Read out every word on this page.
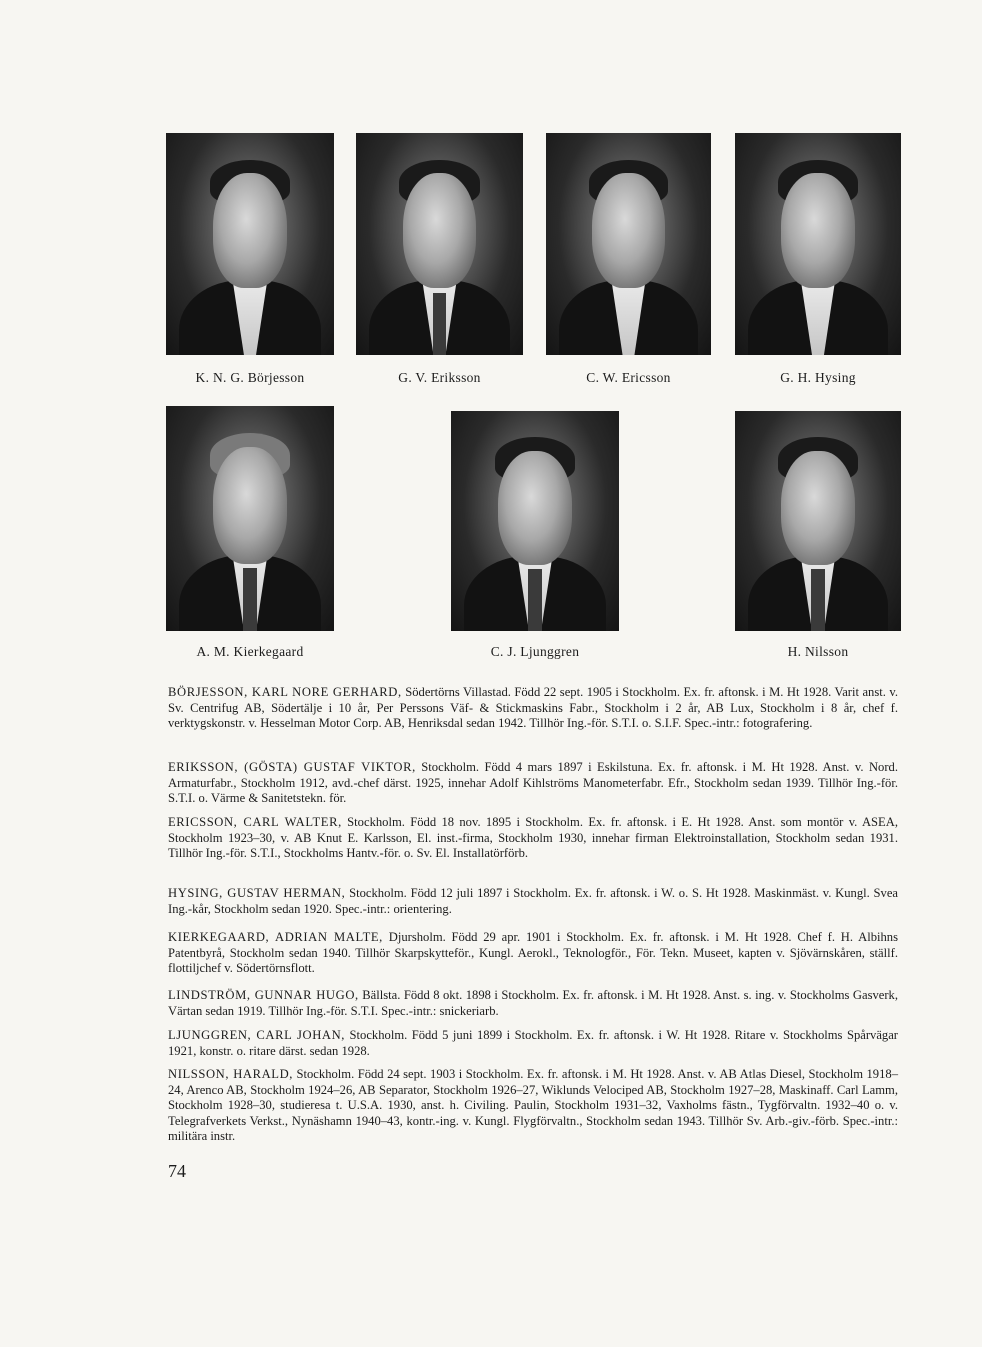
K. N. G. Börjesson	G. V. Eriksson	C. W. Ericsson	G. H. Hysing
A. M. Kierkegaard	C. J. Ljunggren	H. Nilsson

BÖRJESSON, KARL NORE GERHARD, Södertörns Villastad. Född 22 sept. 1905 i Stockholm. Ex. fr. aftonsk. i M. Ht 1928. Varit anst. v. Sv. Centrifug AB, Södertälje i 10 år, Per Perssons Väf- & Stickmaskins Fabr., Stockholm i 2 år, AB Lux, Stockholm i 8 år, chef f. verktygskonstr. v. Hesselman Motor Corp. AB, Henriksdal sedan 1942. Tillhör Ing.-för. S.T.I. o. S.I.F. Spec.-intr.: fotografering.

ERIKSSON, (GÖSTA) GUSTAF VIKTOR, Stockholm. Född 4 mars 1897 i Eskilstuna. Ex. fr. aftonsk. i M. Ht 1928. Anst. v. Nord. Armaturfabr., Stockholm 1912, avd.-chef därst. 1925, innehar Adolf Kihlströms Manometerfabr. Efr., Stockholm sedan 1939. Tillhör Ing.-för. S.T.I. o. Värme & Sanitetstekn. för.

ERICSSON, CARL WALTER, Stockholm. Född 18 nov. 1895 i Stockholm. Ex. fr. aftonsk. i E. Ht 1928. Anst. som montör v. ASEA, Stockholm 1923–30, v. AB Knut E. Karlsson, El. inst.-firma, Stockholm 1930, innehar firman Elektroinstallation, Stockholm sedan 1931. Tillhör Ing.-för. S.T.I., Stockholms Hantv.-för. o. Sv. El. Installatörförb.

HYSING, GUSTAV HERMAN, Stockholm. Född 12 juli 1897 i Stockholm. Ex. fr. aftonsk. i W. o. S. Ht 1928. Maskinmäst. v. Kungl. Svea Ing.-kår, Stockholm sedan 1920. Spec.-intr.: orientering.

KIERKEGAARD, ADRIAN MALTE, Djursholm. Född 29 apr. 1901 i Stockholm. Ex. fr. aftonsk. i M. Ht 1928. Chef f. H. Albihns Patentbyrå, Stockholm sedan 1940. Tillhör Skarpskytteför., Kungl. Aerokl., Teknologför., För. Tekn. Museet, kapten v. Sjövärnskåren, ställf. flottiljchef v. Södertörnsflott.

LINDSTRÖM, GUNNAR HUGO, Bällsta. Född 8 okt. 1898 i Stockholm. Ex. fr. aftonsk. i M. Ht 1928. Anst. s. ing. v. Stockholms Gasverk, Värtan sedan 1919. Tillhör Ing.-för. S.T.I. Spec.-intr.: snickeriarb.

LJUNGGREN, CARL JOHAN, Stockholm. Född 5 juni 1899 i Stockholm. Ex. fr. aftonsk. i W. Ht 1928. Ritare v. Stockholms Spårvägar 1921, konstr. o. ritare därst. sedan 1928.

NILSSON, HARALD, Stockholm. Född 24 sept. 1903 i Stockholm. Ex. fr. aftonsk. i M. Ht 1928. Anst. v. AB Atlas Diesel, Stockholm 1918–24, Arenco AB, Stockholm 1924–26, AB Separator, Stockholm 1926–27, Wiklunds Velociped AB, Stockholm 1927–28, Maskinaff. Carl Lamm, Stockholm 1928–30, studieresa t. U.S.A. 1930, anst. h. Civiling. Paulin, Stockholm 1931–32, Vaxholms fästn., Tygförvaltn. 1932–40 o. v. Telegrafverkets Verkst., Nynäshamn 1940–43, kontr.-ing. v. Kungl. Flygförvaltn., Stockholm sedan 1943. Tillhör Sv. Arb.-giv.-förb. Spec.-intr.: militära instr.

74
